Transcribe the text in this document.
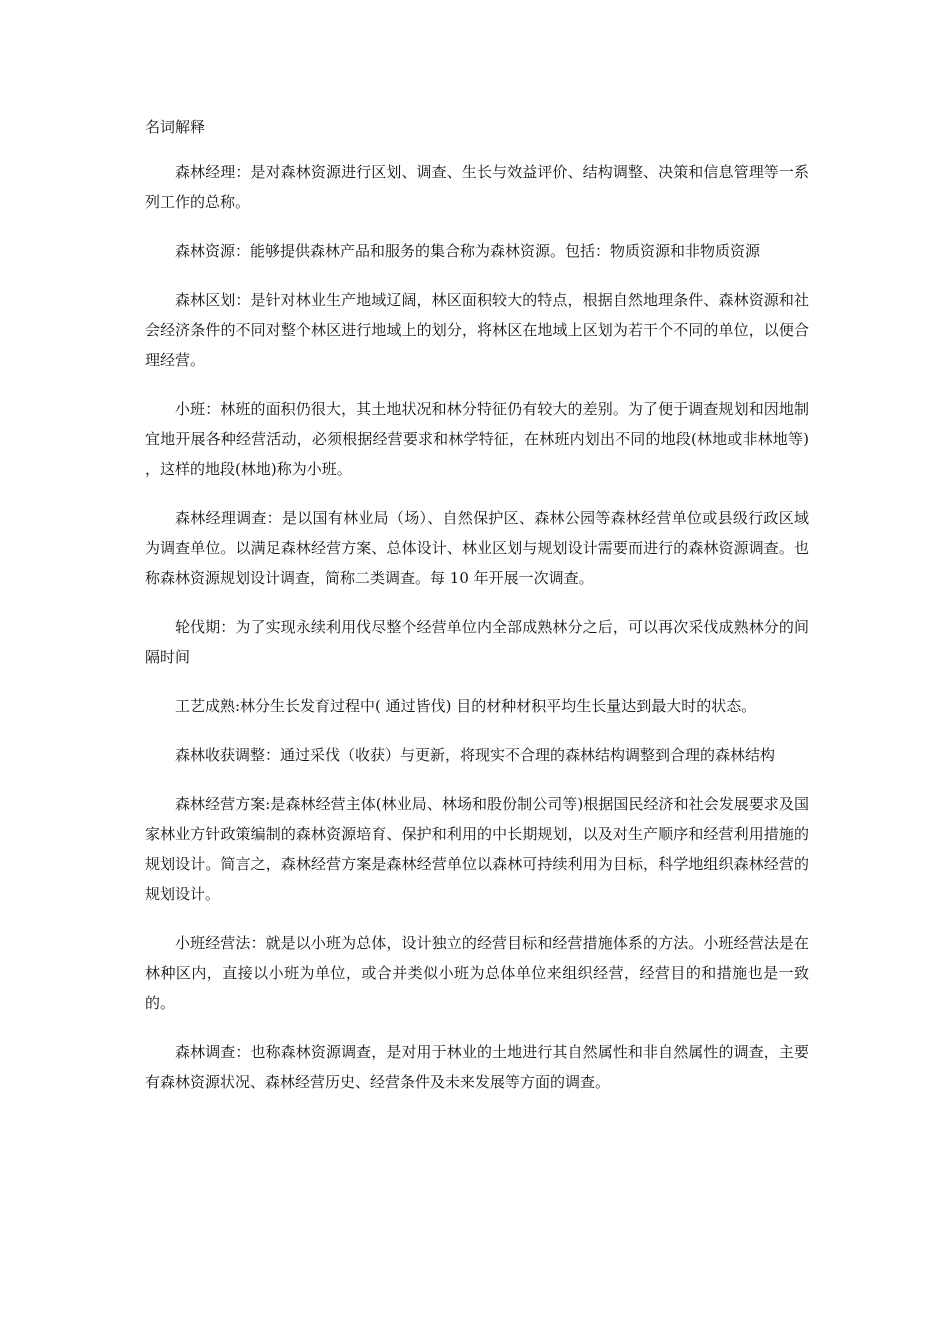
名词解释

森林经理：是对森林资源进行区划、调查、生长与效益评价、结构调整、决策和信息管理等一系列工作的总称。

森林资源：能够提供森林产品和服务的集合称为森林资源。包括：物质资源和非物质资源

森林区划：是针对林业生产地域辽阔，林区面积较大的特点，根据自然地理条件、森林资源和社会经济条件的不同对整个林区进行地域上的划分，将林区在地域上区划为若干个不同的单位，以便合理经营。

小班：林班的面积仍很大，其土地状况和林分特征仍有较大的差别。为了便于调查规划和因地制宜地开展各种经营活动，必须根据经营要求和林学特征，在林班内划出不同的地段(林地或非林地等) ，这样的地段(林地)称为小班。

森林经理调查：是以国有林业局（场）、自然保护区、森林公园等森林经营单位或县级行政区域为调查单位。以满足森林经营方案、总体设计、林业区划与规划设计需要而进行的森林资源调查。也称森林资源规划设计调查，简称二类调查。每 10 年开展一次调查。

轮伐期：为了实现永续利用伐尽整个经营单位内全部成熟林分之后，可以再次采伐成熟林分的间隔时间

工艺成熟:林分生长发育过程中( 通过皆伐) 目的材种材积平均生长量达到最大时的状态。

森林收获调整：通过采伐（收获）与更新，将现实不合理的森林结构调整到合理的森林结构

森林经营方案:是森林经营主体(林业局、林场和股份制公司等)根据国民经济和社会发展要求及国家林业方针政策编制的森林资源培育、保护和利用的中长期规划，以及对生产顺序和经营利用措施的规划设计。简言之，森林经营方案是森林经营单位以森林可持续利用为目标，科学地组织森林经营的规划设计。

小班经营法：就是以小班为总体，设计独立的经营目标和经营措施体系的方法。小班经营法是在林种区内，直接以小班为单位，或合并类似小班为总体单位来组织经营，经营目的和措施也是一致的。

森林调查：也称森林资源调查，是对用于林业的土地进行其自然属性和非自然属性的调查，主要有森林资源状况、森林经营历史、经营条件及未来发展等方面的调查。
